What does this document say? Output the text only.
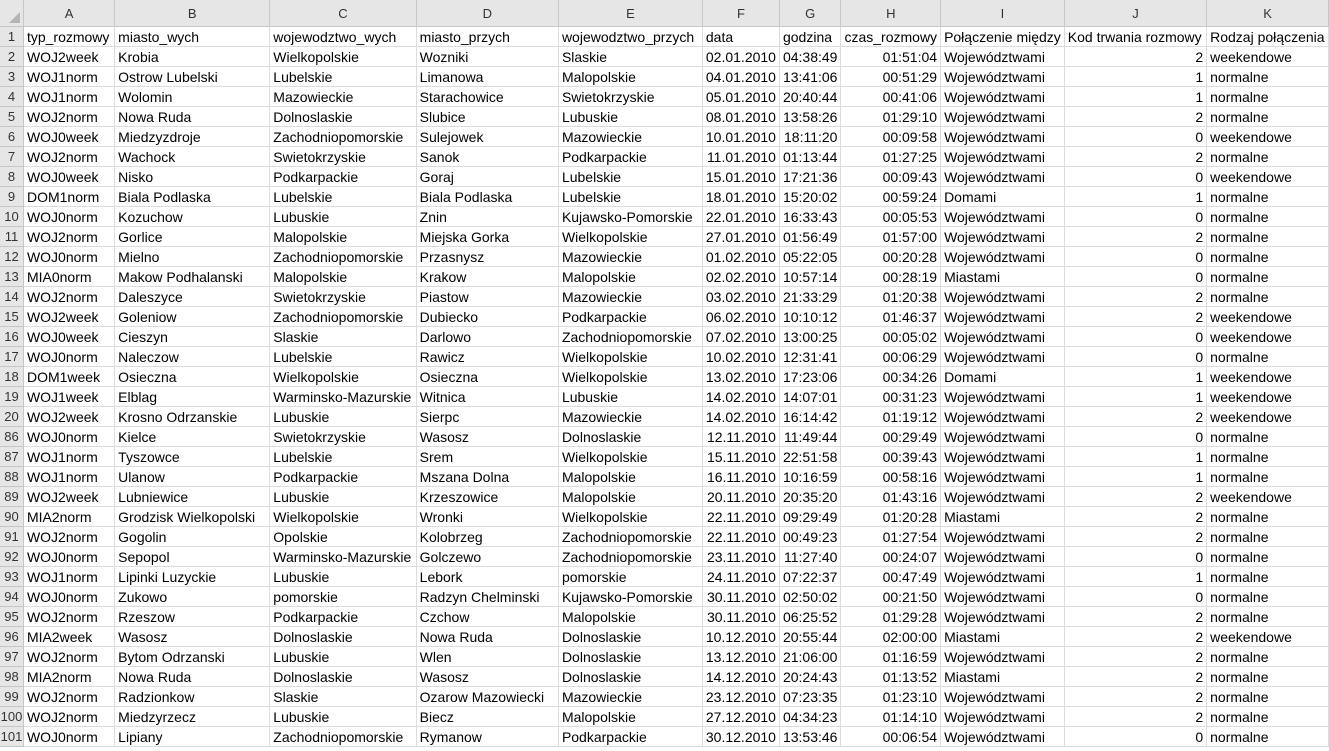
	A	B	C	D	E	F	G	H	I	J	K
1	typ_rozmowy	miasto_wych	wojewodztwo_wych	miasto_przych	wojewodztwo_przych	data	godzina	czas_rozmowy	Połączenie między	Kod trwania rozmowy	Rodzaj połączenia
2	WOJ2week	Krobia	Wielkopolskie	Wozniki	Slaskie	02.01.2010	04:38:49	01:51:04	Województwami	2	weekendowe
3	WOJ1norm	Ostrow Lubelski	Lubelskie	Limanowa	Malopolskie	04.01.2010	13:41:06	00:51:29	Województwami	1	normalne
4	WOJ1norm	Wolomin	Mazowieckie	Starachowice	Swietokrzyskie	05.01.2010	20:40:44	00:41:06	Województwami	1	normalne
5	WOJ2norm	Nowa Ruda	Dolnoslaskie	Slubice	Lubuskie	08.01.2010	13:58:26	01:29:10	Województwami	2	normalne
6	WOJ0week	Miedzyzdroje	Zachodniopomorskie	Sulejowek	Mazowieckie	10.01.2010	18:11:20	00:09:58	Województwami	0	weekendowe
7	WOJ2norm	Wachock	Swietokrzyskie	Sanok	Podkarpackie	11.01.2010	01:13:44	01:27:25	Województwami	2	normalne
8	WOJ0week	Nisko	Podkarpackie	Goraj	Lubelskie	15.01.2010	17:21:36	00:09:43	Województwami	0	weekendowe
9	DOM1norm	Biala Podlaska	Lubelskie	Biala Podlaska	Lubelskie	18.01.2010	15:20:02	00:59:24	Domami	1	normalne
10	WOJ0norm	Kozuchow	Lubuskie	Znin	Kujawsko-Pomorskie	22.01.2010	16:33:43	00:05:53	Województwami	0	normalne
11	WOJ2norm	Gorlice	Malopolskie	Miejska Gorka	Wielkopolskie	27.01.2010	01:56:49	01:57:00	Województwami	2	normalne
12	WOJ0norm	Mielno	Zachodniopomorskie	Przasnysz	Mazowieckie	01.02.2010	05:22:05	00:20:28	Województwami	0	normalne
13	MIA0norm	Makow Podhalanski	Malopolskie	Krakow	Malopolskie	02.02.2010	10:57:14	00:28:19	Miastami	0	normalne
14	WOJ2norm	Daleszyce	Swietokrzyskie	Piastow	Mazowieckie	03.02.2010	21:33:29	01:20:38	Województwami	2	normalne
15	WOJ2week	Goleniow	Zachodniopomorskie	Dubiecko	Podkarpackie	06.02.2010	10:10:12	01:46:37	Województwami	2	weekendowe
16	WOJ0week	Cieszyn	Slaskie	Darlowo	Zachodniopomorskie	07.02.2010	13:00:25	00:05:02	Województwami	0	weekendowe
17	WOJ0norm	Naleczow	Lubelskie	Rawicz	Wielkopolskie	10.02.2010	12:31:41	00:06:29	Województwami	0	normalne
18	DOM1week	Osieczna	Wielkopolskie	Osieczna	Wielkopolskie	13.02.2010	17:23:06	00:34:26	Domami	1	weekendowe
19	WOJ1week	Elblag	Warminsko-Mazurskie	Witnica	Lubuskie	14.02.2010	14:07:01	00:31:23	Województwami	1	weekendowe
20	WOJ2week	Krosno Odrzanskie	Lubuskie	Sierpc	Mazowieckie	14.02.2010	16:14:42	01:19:12	Województwami	2	weekendowe
86	WOJ0norm	Kielce	Swietokrzyskie	Wasosz	Dolnoslaskie	12.11.2010	11:49:44	00:29:49	Województwami	0	normalne
87	WOJ1norm	Tyszowce	Lubelskie	Srem	Wielkopolskie	15.11.2010	22:51:58	00:39:43	Województwami	1	normalne
88	WOJ1norm	Ulanow	Podkarpackie	Mszana Dolna	Malopolskie	16.11.2010	10:16:59	00:58:16	Województwami	1	normalne
89	WOJ2week	Lubniewice	Lubuskie	Krzeszowice	Malopolskie	20.11.2010	20:35:20	01:43:16	Województwami	2	weekendowe
90	MIA2norm	Grodzisk Wielkopolski	Wielkopolskie	Wronki	Wielkopolskie	22.11.2010	09:29:49	01:20:28	Miastami	2	normalne
91	WOJ2norm	Gogolin	Opolskie	Kolobrzeg	Zachodniopomorskie	22.11.2010	00:49:23	01:27:54	Województwami	2	normalne
92	WOJ0norm	Sepopol	Warminsko-Mazurskie	Golczewo	Zachodniopomorskie	23.11.2010	11:27:40	00:24:07	Województwami	0	normalne
93	WOJ1norm	Lipinki Luzyckie	Lubuskie	Lebork	pomorskie	24.11.2010	07:22:37	00:47:49	Województwami	1	normalne
94	WOJ0norm	Zukowo	pomorskie	Radzyn Chelminski	Kujawsko-Pomorskie	30.11.2010	02:50:02	00:21:50	Województwami	0	normalne
95	WOJ2norm	Rzeszow	Podkarpackie	Czchow	Malopolskie	30.11.2010	06:25:52	01:29:28	Województwami	2	normalne
96	MIA2week	Wasosz	Dolnoslaskie	Nowa Ruda	Dolnoslaskie	10.12.2010	20:55:44	02:00:00	Miastami	2	weekendowe
97	WOJ2norm	Bytom Odrzanski	Lubuskie	Wlen	Dolnoslaskie	13.12.2010	21:06:00	01:16:59	Województwami	2	normalne
98	MIA2norm	Nowa Ruda	Dolnoslaskie	Wasosz	Dolnoslaskie	14.12.2010	20:24:43	01:13:52	Miastami	2	normalne
99	WOJ2norm	Radzionkow	Slaskie	Ozarow Mazowiecki	Mazowieckie	23.12.2010	07:23:35	01:23:10	Województwami	2	normalne
100	WOJ2norm	Miedzyrzecz	Lubuskie	Biecz	Malopolskie	27.12.2010	04:34:23	01:14:10	Województwami	2	normalne
101	WOJ0norm	Lipiany	Zachodniopomorskie	Rymanow	Podkarpackie	30.12.2010	13:53:46	00:06:54	Województwami	0	normalne
